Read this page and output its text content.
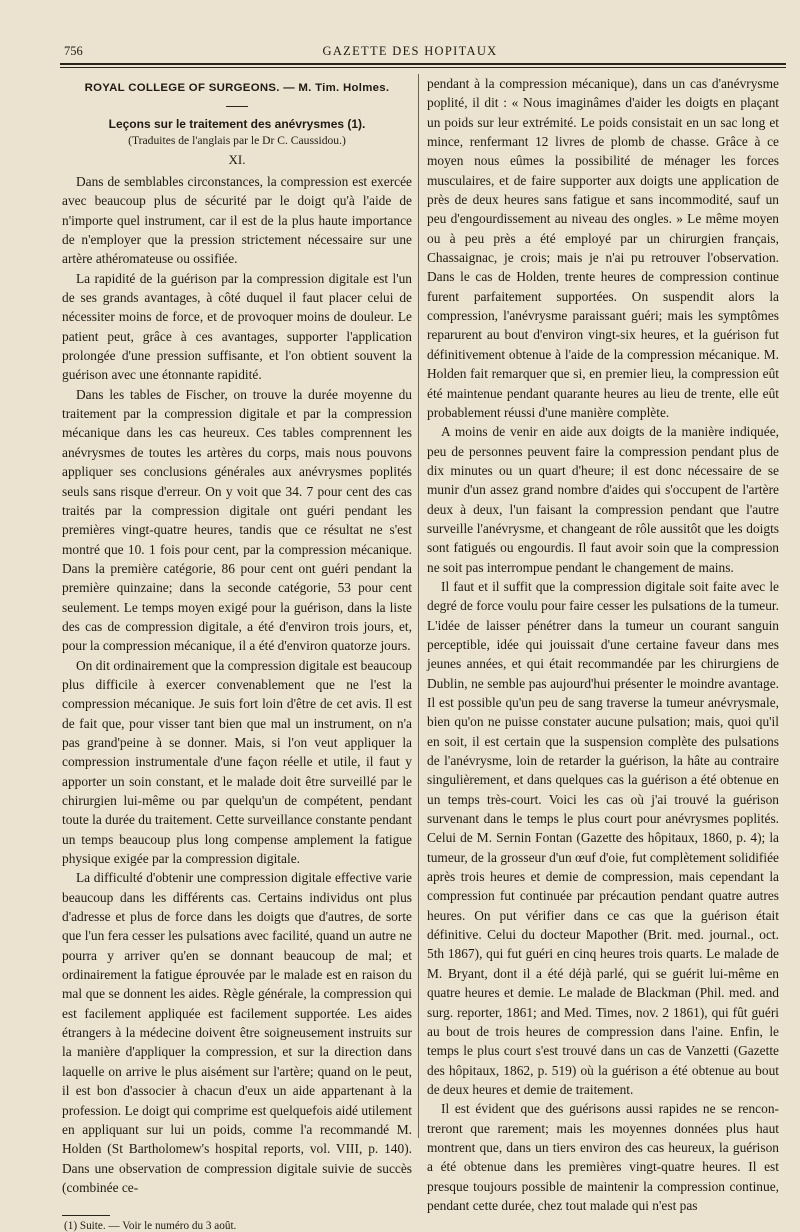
756	GAZETTE DES HOPITAUX
ROYAL COLLEGE OF SURGEONS. — M. Tim. Holmes.
Leçons sur le traitement des anévrysmes (1).
(Traduites de l'anglais par le Dr C. Caussidou.)
XI.

Dans de semblables circonstances, la compression est exercée avec beaucoup plus de sécurité par le doigt qu'à l'aide de n'importe quel instrument, car il est de la plus haute importance de n'employer que la pression strictement nécessaire sur une artère athéromateuse ou ossifiée.

La rapidité de la guérison par la compression digitale est l'un de ses grands avantages, à côté duquel il faut placer celui de nécessiter moins de force, et de provoquer moins de douleur. Le patient peut, grâce à ces avantages, supporter l'application prolongée d'une pression suffisante, et l'on obtient souvent la guérison avec une étonnante rapidité.

Dans les tables de Fischer, on trouve la durée moyenne du traitement par la compression digitale et par la compression mécanique dans les cas heureux. Ces tables comprennent les anévrysmes de toutes les artères du corps, mais nous pouvons appliquer ses conclusions générales aux anévrysmes poplités seuls sans risque d'erreur. On y voit que 34. 7 pour cent des cas traités par la compression digitale ont guéri pendant les premières vingt-quatre heures, tandis que ce résultat ne s'est montré que 10. 1 fois pour cent, par la compression mécanique. Dans la première catégorie, 86 pour cent ont guéri pendant la première quinzaine; dans la seconde catégorie, 53 pour cent seulement. Le temps moyen exigé pour la guérison, dans la liste des cas de compression digitale, a été d'environ trois jours, et, pour la compression mécanique, il a été d'environ quatorze jours.

On dit ordinairement que la compression digitale est beaucoup plus difficile à exercer convenablement que ne l'est la compression mécanique. Je suis fort loin d'être de cet avis. Il est de fait que, pour visser tant bien que mal un instrument, on n'a pas grand'peine à se donner. Mais, si l'on veut appliquer la compression instrumentale d'une façon réelle et utile, il faut y apporter un soin constant, et le malade doit être surveillé par le chirurgien lui-même ou par quelqu'un de compétent, pendant toute la durée du traitement. Cette surveillance constante pendant un temps beaucoup plus long compense amplement la fatigue physique exigée par la compression digitale.

La difficulté d'obtenir une compression digitale effective varie beaucoup dans les différents cas. Certains individus ont plus d'adresse et plus de force dans les doigts que d'autres, de sorte que l'un fera cesser les pulsations avec facilité, quand un autre ne pourra y arriver qu'en se donnant beaucoup de mal; et ordinairement la fatigue éprouvée par le malade est en raison du mal que se donnent les aides. Règle générale, la compression qui est facilement appliquée est facilement supportée. Les aides étrangers à la médecine doivent être soigneusement instruits sur la manière d'appliquer la compression, et sur la direction dans laquelle on arrive le plus aisément sur l'artère; quand on le peut, il est bon d'associer à chacun d'eux un aide appartenant à la profession. Le doigt qui comprime est quelquefois aidé utilement en appliquant sur lui un poids, comme l'a recommandé M. Holden (St Bartholomew's hospital reports, vol. VIII, p. 140). Dans une observation de compression digitale suivie de succès (combinée ce-

(1) Suite. — Voir le numéro du 3 août.

pendant à la compression mécanique), dans un cas d'anévrysme poplité, il dit : « Nous imaginâmes d'aider les doigts en plaçant un poids sur leur extrémité. Le poids consistait en un sac long et mince, renfermant 12 livres de plomb de chasse. Grâce à ce moyen nous eûmes la possibilité de ménager les forces musculaires, et de faire supporter aux doigts une application de près de deux heures sans fatigue et sans incommodité, sauf un peu d'engourdissement au niveau des ongles. » Le même moyen ou à peu près a été employé par un chirurgien français, Chassaignac, je crois; mais je n'ai pu retrouver l'observation. Dans le cas de Holden, trente heures de compression continue furent parfaitement supportées. On suspendit alors la compression, l'anévrysme paraissant guéri; mais les symptômes reparurent au bout d'environ vingt-six heures, et la guérison fut définitivement obtenue à l'aide de la compression mécanique. M. Holden fait remarquer que si, en premier lieu, la compression eût été maintenue pendant quarante heures au lieu de trente, elle eût probablement réussi d'une manière complète.

A moins de venir en aide aux doigts de la manière indiquée, peu de personnes peuvent faire la compression pendant plus de dix minutes ou un quart d'heure; il est donc nécessaire de se munir d'un assez grand nombre d'aides qui s'occupent de l'artère deux à deux, l'un faisant la compression pendant que l'autre surveille l'anévrysme, et changeant de rôle aussitôt que les doigts sont fatigués ou engourdis. Il faut avoir soin que la compression ne soit pas interrompue pendant le changement de mains.

Il faut et il suffit que la compression digitale soit faite avec le degré de force voulu pour faire cesser les pulsations de la tumeur. L'idée de laisser pénétrer dans la tumeur un courant sanguin perceptible, idée qui jouissait d'une certaine faveur dans mes jeunes années, et qui était recommandée par les chirurgiens de Dublin, ne semble pas aujourd'hui présenter le moindre avantage. Il est possible qu'un peu de sang traverse la tumeur anévrysmale, bien qu'on ne puisse constater aucune pulsation; mais, quoi qu'il en soit, il est certain que la suspension complète des pulsations de l'anévrysme, loin de retarder la guérison, la hâte au contraire singulièrement, et dans quelques cas la guérison a été obtenue en un temps très-court. Voici les cas où j'ai trouvé la guérison survenant dans le temps le plus court pour anévrysmes poplités. Celui de M. Sernin Fontan (Gazette des hôpitaux, 1860, p. 4); la tumeur, de la grosseur d'un œuf d'oie, fut complètement solidifiée après trois heures et demie de compression, mais cependant la compression fut continuée par précaution pendant quatre autres heures. On put vérifier dans ce cas que la guérison était définitive. Celui du docteur Mapother (Brit. med. journal., oct. 5th 1867), qui fut guéri en cinq heures trois quarts. Le malade de M. Bryant, dont il a été déjà parlé, qui se guérit lui-même en quatre heures et demie. Le malade de Blackman (Phil. med. and surg. reporter, 1861; and Med. Times, nov. 2 1861), qui fût guéri au bout de trois heures de compression dans l'aine. Enfin, le temps le plus court s'est trouvé dans un cas de Vanzetti (Gazette des hôpitaux, 1862, p. 519) où la guérison a été obtenue au bout de deux heures et demie de traitement.

Il est évident que des guérisons aussi rapides ne se rencontreront que rarement; mais les moyennes données plus haut montrent que, dans un tiers environ des cas heureux, la guérison a été obtenue dans les premières vingt-quatre heures. Il est presque toujours possible de maintenir la compression continue, pendant cette durée, chez tout malade qui n'est pas
